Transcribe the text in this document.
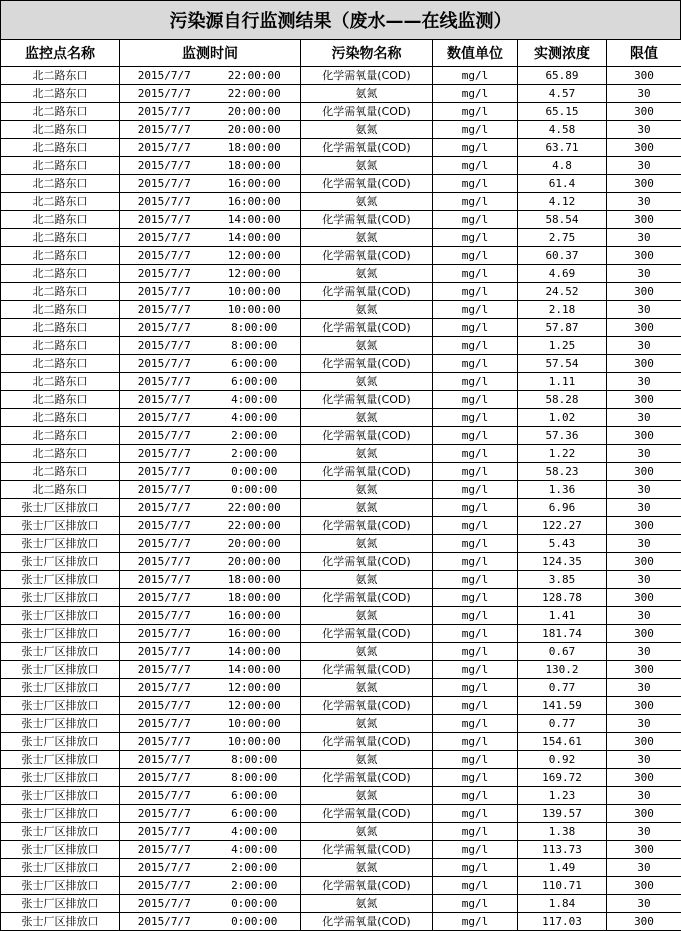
污染源自行监测结果（废水——在线监测）
监控点名称	监测时间		污染物名称	数值单位	实测浓度	限值
北二路东口	2015/7/7	22:00:00	化学需氧量(COD)	mg/l	65.89	300
北二路东口	2015/7/7	22:00:00	氨氮	mg/l	4.57	30
北二路东口	2015/7/7	20:00:00	化学需氧量(COD)	mg/l	65.15	300
北二路东口	2015/7/7	20:00:00	氨氮	mg/l	4.58	30
北二路东口	2015/7/7	18:00:00	化学需氧量(COD)	mg/l	63.71	300
北二路东口	2015/7/7	18:00:00	氨氮	mg/l	4.8	30
北二路东口	2015/7/7	16:00:00	化学需氧量(COD)	mg/l	61.4	300
北二路东口	2015/7/7	16:00:00	氨氮	mg/l	4.12	30
北二路东口	2015/7/7	14:00:00	化学需氧量(COD)	mg/l	58.54	300
北二路东口	2015/7/7	14:00:00	氨氮	mg/l	2.75	30
北二路东口	2015/7/7	12:00:00	化学需氧量(COD)	mg/l	60.37	300
北二路东口	2015/7/7	12:00:00	氨氮	mg/l	4.69	30
北二路东口	2015/7/7	10:00:00	化学需氧量(COD)	mg/l	24.52	300
北二路东口	2015/7/7	10:00:00	氨氮	mg/l	2.18	30
北二路东口	2015/7/7	8:00:00	化学需氧量(COD)	mg/l	57.87	300
北二路东口	2015/7/7	8:00:00	氨氮	mg/l	1.25	30
北二路东口	2015/7/7	6:00:00	化学需氧量(COD)	mg/l	57.54	300
北二路东口	2015/7/7	6:00:00	氨氮	mg/l	1.11	30
北二路东口	2015/7/7	4:00:00	化学需氧量(COD)	mg/l	58.28	300
北二路东口	2015/7/7	4:00:00	氨氮	mg/l	1.02	30
北二路东口	2015/7/7	2:00:00	化学需氧量(COD)	mg/l	57.36	300
北二路东口	2015/7/7	2:00:00	氨氮	mg/l	1.22	30
北二路东口	2015/7/7	0:00:00	化学需氧量(COD)	mg/l	58.23	300
北二路东口	2015/7/7	0:00:00	氨氮	mg/l	1.36	30
张士厂区排放口	2015/7/7	22:00:00	氨氮	mg/l	6.96	30
张士厂区排放口	2015/7/7	22:00:00	化学需氧量(COD)	mg/l	122.27	300
张士厂区排放口	2015/7/7	20:00:00	氨氮	mg/l	5.43	30
张士厂区排放口	2015/7/7	20:00:00	化学需氧量(COD)	mg/l	124.35	300
张士厂区排放口	2015/7/7	18:00:00	氨氮	mg/l	3.85	30
张士厂区排放口	2015/7/7	18:00:00	化学需氧量(COD)	mg/l	128.78	300
张士厂区排放口	2015/7/7	16:00:00	氨氮	mg/l	1.41	30
张士厂区排放口	2015/7/7	16:00:00	化学需氧量(COD)	mg/l	181.74	300
张士厂区排放口	2015/7/7	14:00:00	氨氮	mg/l	0.67	30
张士厂区排放口	2015/7/7	14:00:00	化学需氧量(COD)	mg/l	130.2	300
张士厂区排放口	2015/7/7	12:00:00	氨氮	mg/l	0.77	30
张士厂区排放口	2015/7/7	12:00:00	化学需氧量(COD)	mg/l	141.59	300
张士厂区排放口	2015/7/7	10:00:00	氨氮	mg/l	0.77	30
张士厂区排放口	2015/7/7	10:00:00	化学需氧量(COD)	mg/l	154.61	300
张士厂区排放口	2015/7/7	8:00:00	氨氮	mg/l	0.92	30
张士厂区排放口	2015/7/7	8:00:00	化学需氧量(COD)	mg/l	169.72	300
张士厂区排放口	2015/7/7	6:00:00	氨氮	mg/l	1.23	30
张士厂区排放口	2015/7/7	6:00:00	化学需氧量(COD)	mg/l	139.57	300
张士厂区排放口	2015/7/7	4:00:00	氨氮	mg/l	1.38	30
张士厂区排放口	2015/7/7	4:00:00	化学需氧量(COD)	mg/l	113.73	300
张士厂区排放口	2015/7/7	2:00:00	氨氮	mg/l	1.49	30
张士厂区排放口	2015/7/7	2:00:00	化学需氧量(COD)	mg/l	110.71	300
张士厂区排放口	2015/7/7	0:00:00	氨氮	mg/l	1.84	30
张士厂区排放口	2015/7/7	0:00:00	化学需氧量(COD)	mg/l	117.03	300
